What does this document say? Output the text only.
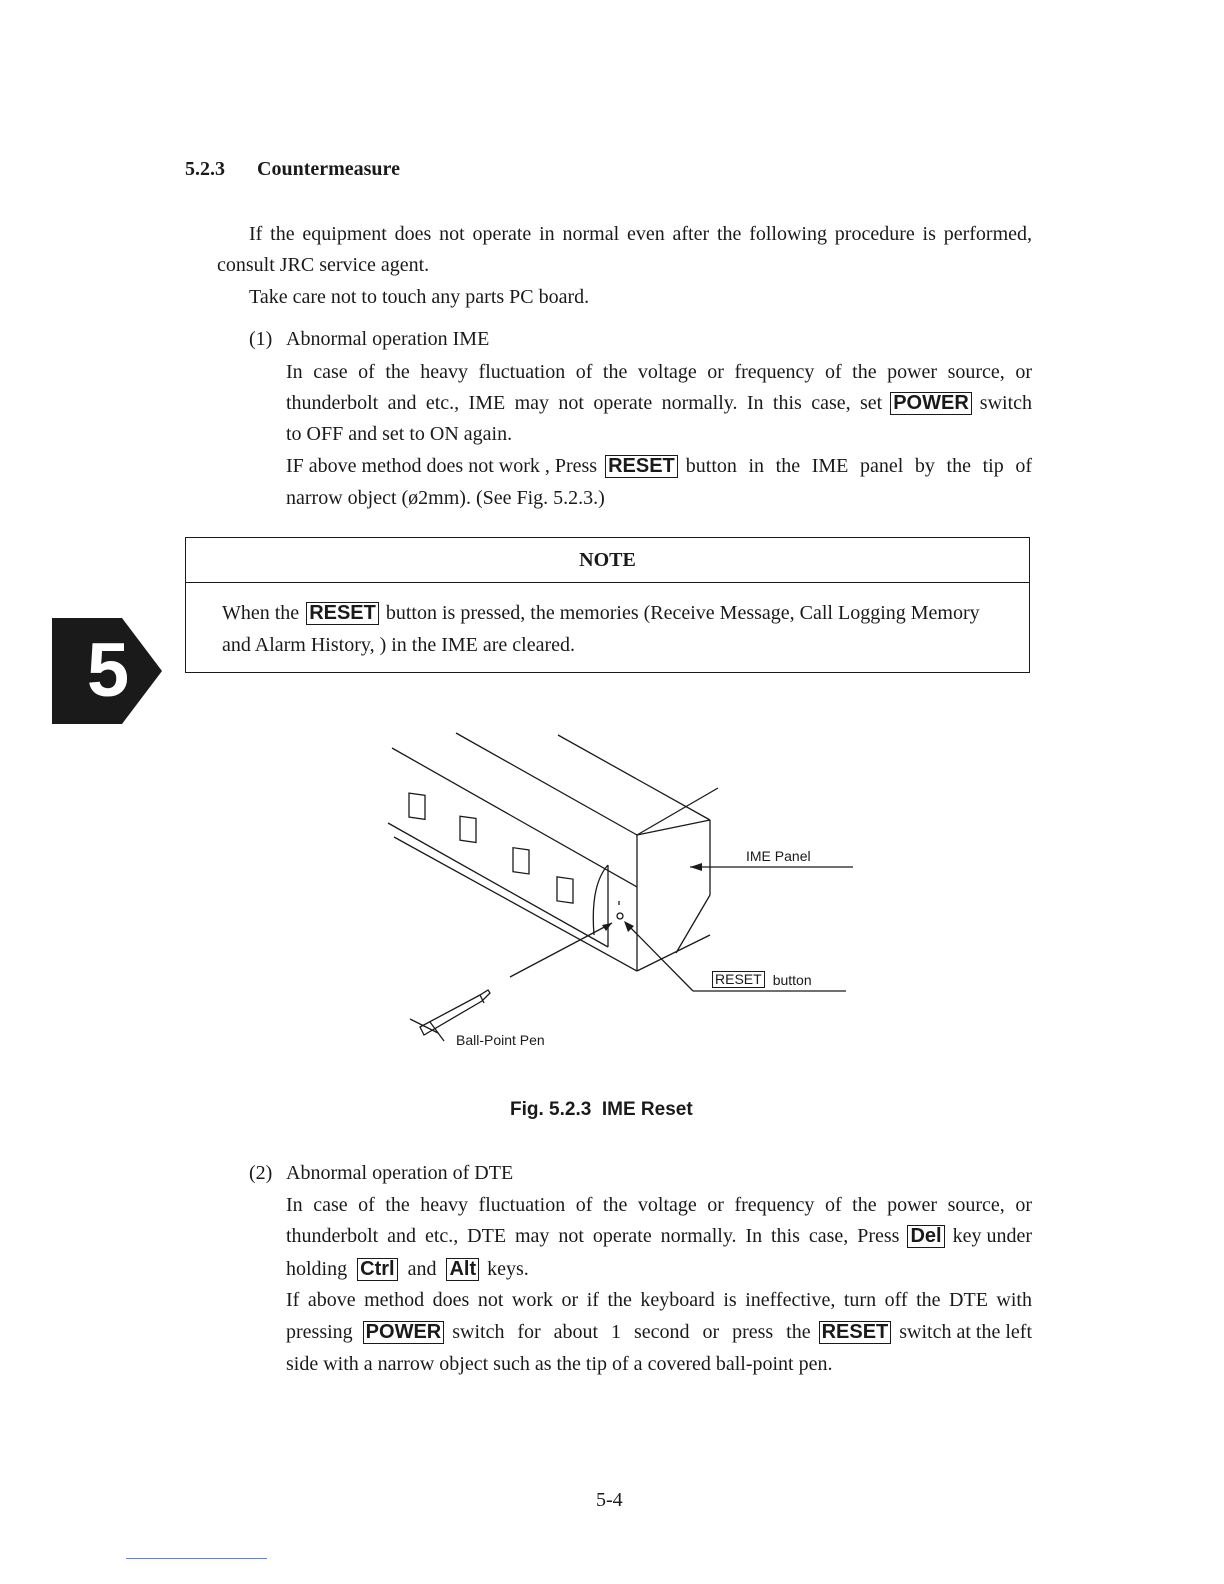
5.2.3 Countermeasure
If the equipment does not operate in normal even after the following procedure is performed,
consult JRC service agent.
Take care not to touch any parts PC board.
(1) Abnormal operation IME
In case of the heavy fluctuation of the voltage or frequency of the power source, or
thunderbolt and etc., IME may not operate normally. In this case, set POWER switch
to OFF and set to ON again.
IF above method does not work , Press RESET button in the IME panel by the tip of
narrow object (ø2mm). (See Fig. 5.2.3.)
NOTE
When the RESET button is pressed, the memories (Receive Message, Call Logging Memory
and Alarm History, ) in the IME are cleared.
5
IME Panel
RESET button
Ball-Point Pen
Fig. 5.2.3  IME Reset
(2) Abnormal operation of DTE
In case of the heavy fluctuation of the voltage or frequency of the power source, or
thunderbolt and etc., DTE may not operate normally. In this case, Press Del key under
holding Ctrl and Alt keys.
If above method does not work or if the keyboard is ineffective, turn off the DTE with
pressing POWER switch for about 1 second or press the RESET switch at the left
side with a narrow object such as the tip of a covered ball-point pen.
5-4
